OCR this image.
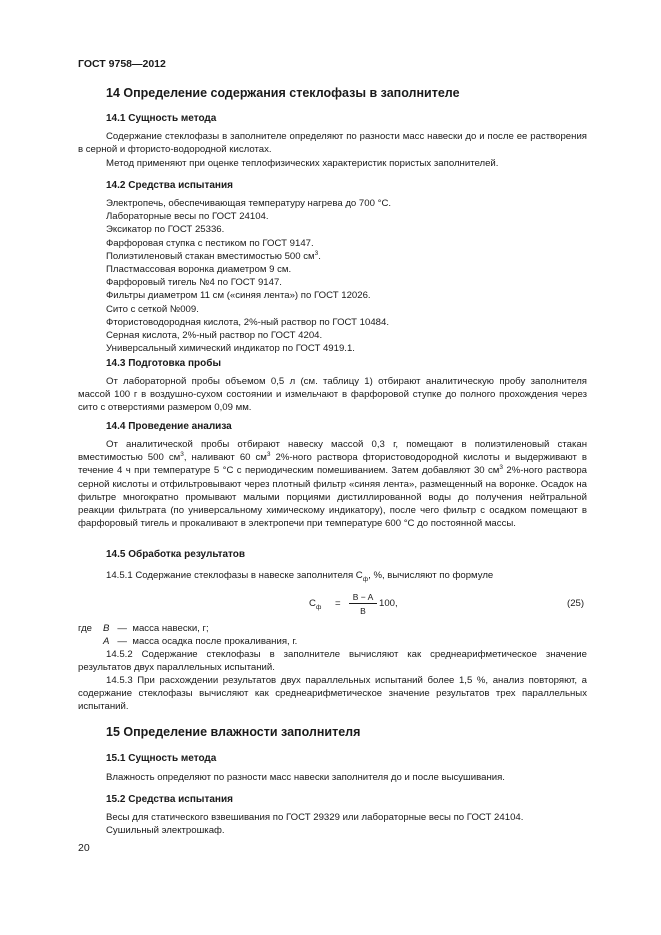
ГОСТ 9758—2012
14 Определение содержания стеклофазы в заполнителе
14.1 Сущность метода

Содержание стеклофазы в заполнителе определяют по разности масс навески до и после ее растворения в серной и фтористо-водородной кислотах.

Метод применяют при оценке теплофизических характеристик пористых заполнителей.

14.2 Средства испытания
Электропечь, обеспечивающая температуру нагрева до 700 °С.
Лабораторные весы по ГОСТ 24104.
Эксикатор по ГОСТ 25336.
Фарфоровая ступка с пестиком по ГОСТ 9147.
Полиэтиленовый стакан вместимостью 500 $см^3$.
Пластмассовая воронка диаметром 9 см.
Фарфоровый тигель №4 по ГОСТ 9147.
Фильтры диаметром 11 см («синяя лента») по ГОСТ 12026.
Сито с сеткой №009.
Фтористоводородная кислота, 2%-ный раствор по ГОСТ 10484.
Серная кислота, 2%-ный раствор по ГОСТ 4204.
Универсальный химический индикатор по ГОСТ 4919.1.
14.3 Подготовка пробы

От лабораторной пробы объемом 0,5 л (см. таблицу 1) отбирают аналитическую пробу заполнителя массой 100 г в воздушно-сухом состоянии и измельчают в фарфоровой ступке до полного прохождения через сито с отверстиями размером 0,09 мм.

14.4 Проведение анализа

От аналитической пробы отбирают навеску массой 0,3 г, помещают в полиэтиленовый стакан вместимостью 500 $см^3$, наливают 60 $см^3$ 2%-ного раствора фтористоводородной кислоты и выдерживают в течение 4 ч при температуре 5 °С с периодическим помешиванием. Затем добавляют 30 $см^3$ 2%-ного раствора серной кислоты и отфильтровывают через плотный фильтр «синяя лента», размещенный на воронке. Осадок на фильтре многократно промывают малыми порциями дистиллированной воды до получения нейтральной реакции фильтрата (по универсальному химическому индикатору), после чего фильтр с осадком помещают в фарфоровый тигель и прокаливают в электропечи при температуре 600 °С до постоянной массы.

14.5 Обработка результатов

14.5.1 Содержание стеклофазы в навеске заполнителя $С_ф$, %, вычисляют по формуле

$С_ф = \frac{B - A}{B} 100$,	(25)
где B — масса навески, г;
A — масса осадка после прокаливания, г.

14.5.2 Содержание стеклофазы в заполнителе вычисляют как среднеарифметическое значение результатов двух параллельных испытаний.

14.5.3 При расхождении результатов двух параллельных испытаний более 1,5 %, анализ повторяют, а содержание стеклофазы вычисляют как среднеарифметическое значение результатов трех параллельных испытаний.

15 Определение влажности заполнителя
15.1 Сущность метода

Влажность определяют по разности масс навески заполнителя до и после высушивания.

15.2 Средства испытания
Весы для статического взвешивания по ГОСТ 29329 или лабораторные весы по ГОСТ 24104.
Сушильный электрошкаф.
20
